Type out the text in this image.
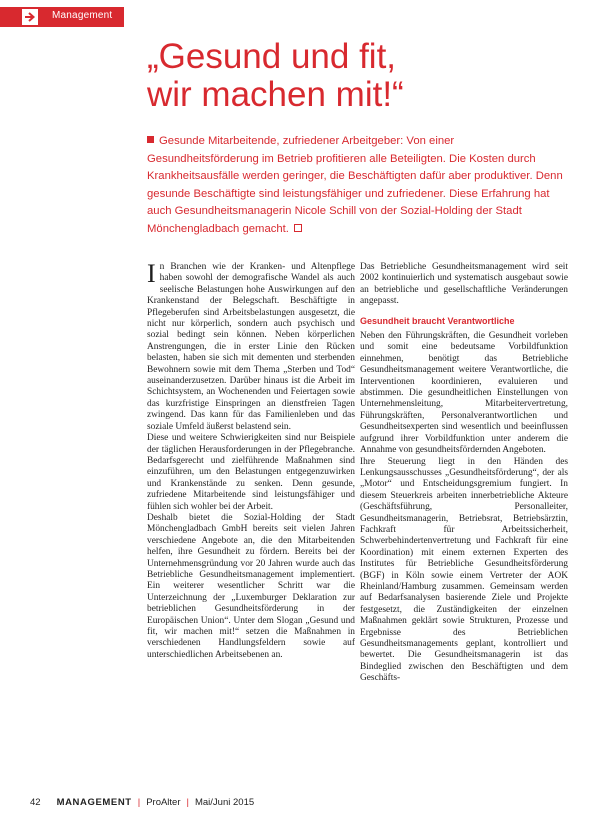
Management
„Gesund und fit,
wir machen mit!“

Gesunde Mitarbeitende, zufriedener Arbeitgeber: Von einer Gesundheitsförderung im Betrieb profitieren alle Beteiligten. Die Kosten durch Krankheitsausfälle werden geringer, die Beschäftigten dafür aber produktiver. Denn gesunde Beschäftigte sind leistungsfähiger und zufriedener. Diese Erfahrung hat auch Gesundheitsmanagerin Nicole Schill von der Sozial-Holding der Stadt Mönchengladbach gemacht.

In Branchen wie der Kranken- und Altenpflege haben sowohl der demografische Wandel als auch seelische Belastungen hohe Auswirkungen auf den Krankenstand der Belegschaft. Beschäftigte in Pflegeberufen sind Arbeitsbelastungen ausgesetzt, die nicht nur körperlich, sondern auch psychisch und sozial bedingt sein können. Neben körperlichen Anstrengungen, die in erster Linie den Rücken belasten, haben sie sich mit dementen und sterbenden Bewohnern sowie mit dem Thema „Sterben und Tod“ auseinanderzusetzen. Darüber hinaus ist die Arbeit im Schichtsystem, an Wochenenden und Feiertagen sowie das kurzfristige Einspringen an dienstfreien Tagen zwingend. Das kann für das Familienleben und das soziale Umfeld äußerst belastend sein.

Diese und weitere Schwierigkeiten sind nur Beispiele der täglichen Herausforderungen in der Pflegebranche. Bedarfsgerecht und zielführende Maßnahmen sind einzuführen, um den Belastungen entgegenzuwirken und Krankenstände zu senken. Denn gesunde, zufriedene Mitarbeitende sind leistungsfähiger und fühlen sich wohler bei der Arbeit.

Deshalb bietet die Sozial-Holding der Stadt Mönchengladbach GmbH bereits seit vielen Jahren verschiedene Angebote an, die den Mitarbeitenden helfen, ihre Gesundheit zu fördern. Bereits bei der Unternehmensgründung vor 20 Jahren wurde auch das Betriebliche Gesundheitsmanagement implementiert. Ein weiterer wesentlicher Schritt war die Unterzeichnung der „Luxemburger Deklaration zur betrieblichen Gesundheitsförderung in der Europäischen Union“. Unter dem Slogan „Gesund und fit, wir machen mit!“ setzen die Maßnahmen in verschiedenen Handlungsfeldern sowie auf unterschiedlichen Arbeitsebenen an.

Das Betriebliche Gesundheitsmanagement wird seit 2002 kontinuierlich und systematisch ausgebaut sowie an betriebliche und gesellschaftliche Veränderungen angepasst.

Gesundheit braucht Verantwortliche

Neben den Führungskräften, die Gesundheit vorleben und somit eine bedeutsame Vorbildfunktion einnehmen, benötigt das Betriebliche Gesundheitsmanagement weitere Verantwortliche, die Interventionen koordinieren, evaluieren und abstimmen. Die gesundheitlichen Einstellungen von Unternehmensleitung, Mitarbeitervertretung, Führungskräften, Personalverantwortlichen und Gesundheitsexperten sind wesentlich und beeinflussen aufgrund ihrer Vorbildfunktion unter anderem die Annahme von gesundheitsfördernden Angeboten.

Ihre Steuerung liegt in den Händen des Lenkungsausschusses „Gesundheitsförderung“, der als „Motor“ und Entscheidungsgremium fungiert. In diesem Steuerkreis arbeiten innerbetriebliche Akteure (Geschäftsführung, Personalleiter, Gesundheitsmanagerin, Betriebsrat, Betriebsärztin, Fachkraft für Arbeitssicherheit, Schwerbehindertenvertretung und Fachkraft für eine Koordination) mit einem externen Experten des Institutes für Betriebliche Gesundheitsförderung (BGF) in Köln sowie einem Vertreter der AOK Rheinland/Hamburg zusammen. Gemeinsam werden auf Bedarfsanalysen basierende Ziele und Projekte festgesetzt, die Zuständigkeiten der einzelnen Maßnahmen geklärt sowie Strukturen, Prozesse und Ergebnisse des Betrieblichen Gesundheitsmanagements geplant, kontrolliert und bewertet. Die Gesundheitsmanagerin ist das Bindeglied zwischen den Beschäftigten und dem Geschäfts-

42 MANAGEMENT | ProAlter | Mai/Juni 2015
